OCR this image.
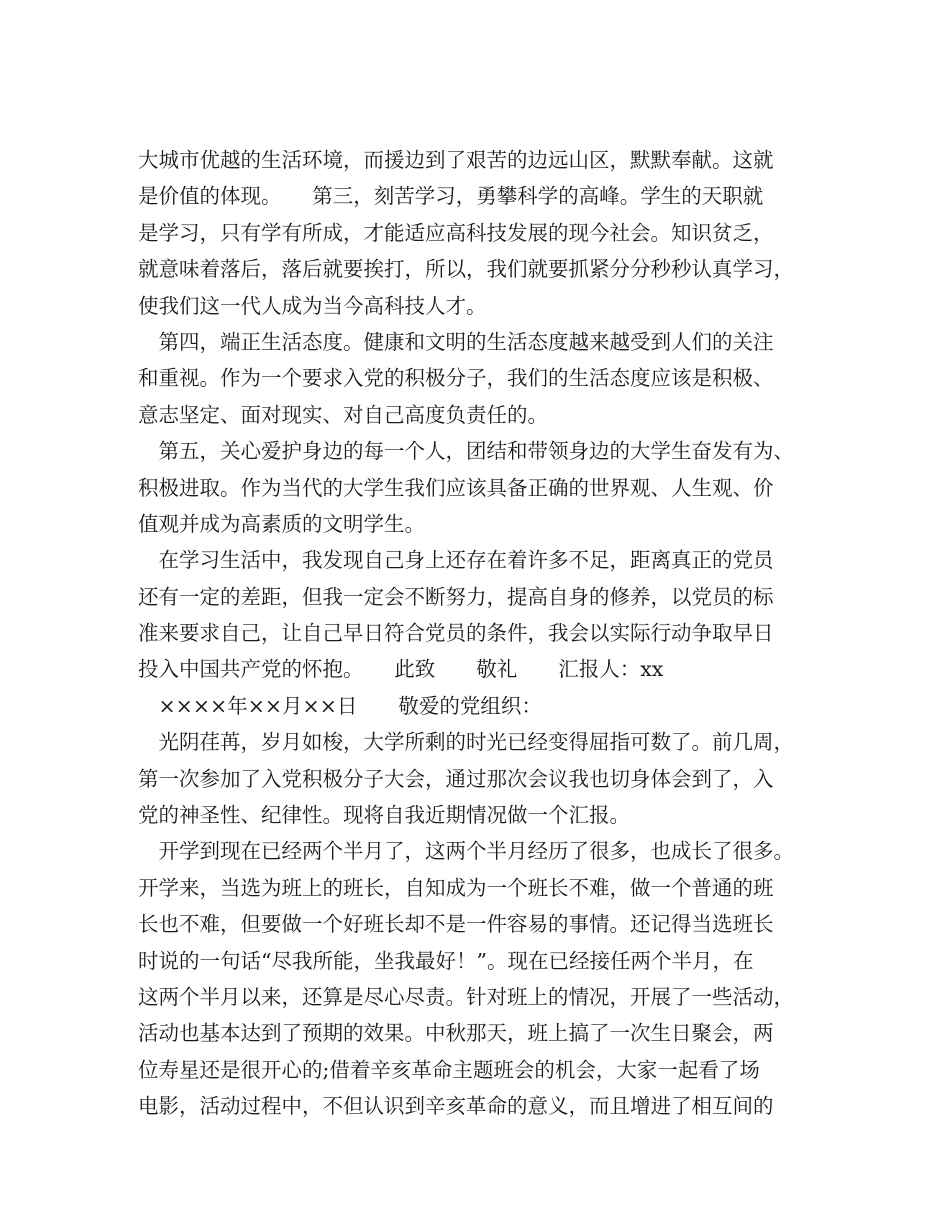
大城市优越的生活环境，而援边到了艰苦的边远山区，默默奉献。这就
是价值的体现。　　第三，刻苦学习，勇攀科学的高峰。学生的天职就
是学习，只有学有所成，才能适应高科技发展的现今社会。知识贫乏，
就意味着落后，落后就要挨打，所以，我们就要抓紧分分秒秒认真学习，
使我们这一代人成为当今高科技人才。
　第四，端正生活态度。健康和文明的生活态度越来越受到人们的关注
和重视。作为一个要求入党的积极分子，我们的生活态度应该是积极、
意志坚定、面对现实、对自己高度负责任的。
　第五，关心爱护身边的每一个人，团结和带领身边的大学生奋发有为、
积极进取。作为当代的大学生我们应该具备正确的世界观、人生观、价
值观并成为高素质的文明学生。
　在学习生活中，我发现自己身上还存在着许多不足，距离真正的党员
还有一定的差距，但我一定会不断努力，提高自身的修养，以党员的标
准来要求自己，让自己早日符合党员的条件，我会以实际行动争取早日
投入中国共产党的怀抱。　　此致　　敬礼　　汇报人：xx
　××××年××月××日　　敬爱的党组织：
　光阴荏苒，岁月如梭，大学所剩的时光已经变得屈指可数了。前几周，
第一次参加了入党积极分子大会，通过那次会议我也切身体会到了，入
党的神圣性、纪律性。现将自我近期情况做一个汇报。
　开学到现在已经两个半月了，这两个半月经历了很多，也成长了很多。
开学来，当选为班上的班长，自知成为一个班长不难，做一个普通的班
长也不难，但要做一个好班长却不是一件容易的事情。还记得当选班长
时说的一句话“尽我所能，坐我最好！”。现在已经接任两个半月，在
这两个半月以来，还算是尽心尽责。针对班上的情况，开展了一些活动，
活动也基本达到了预期的效果。中秋那天，班上搞了一次生日聚会，两
位寿星还是很开心的;借着辛亥革命主题班会的机会，大家一起看了场
电影，活动过程中，不但认识到辛亥革命的意义，而且增进了相互间的
